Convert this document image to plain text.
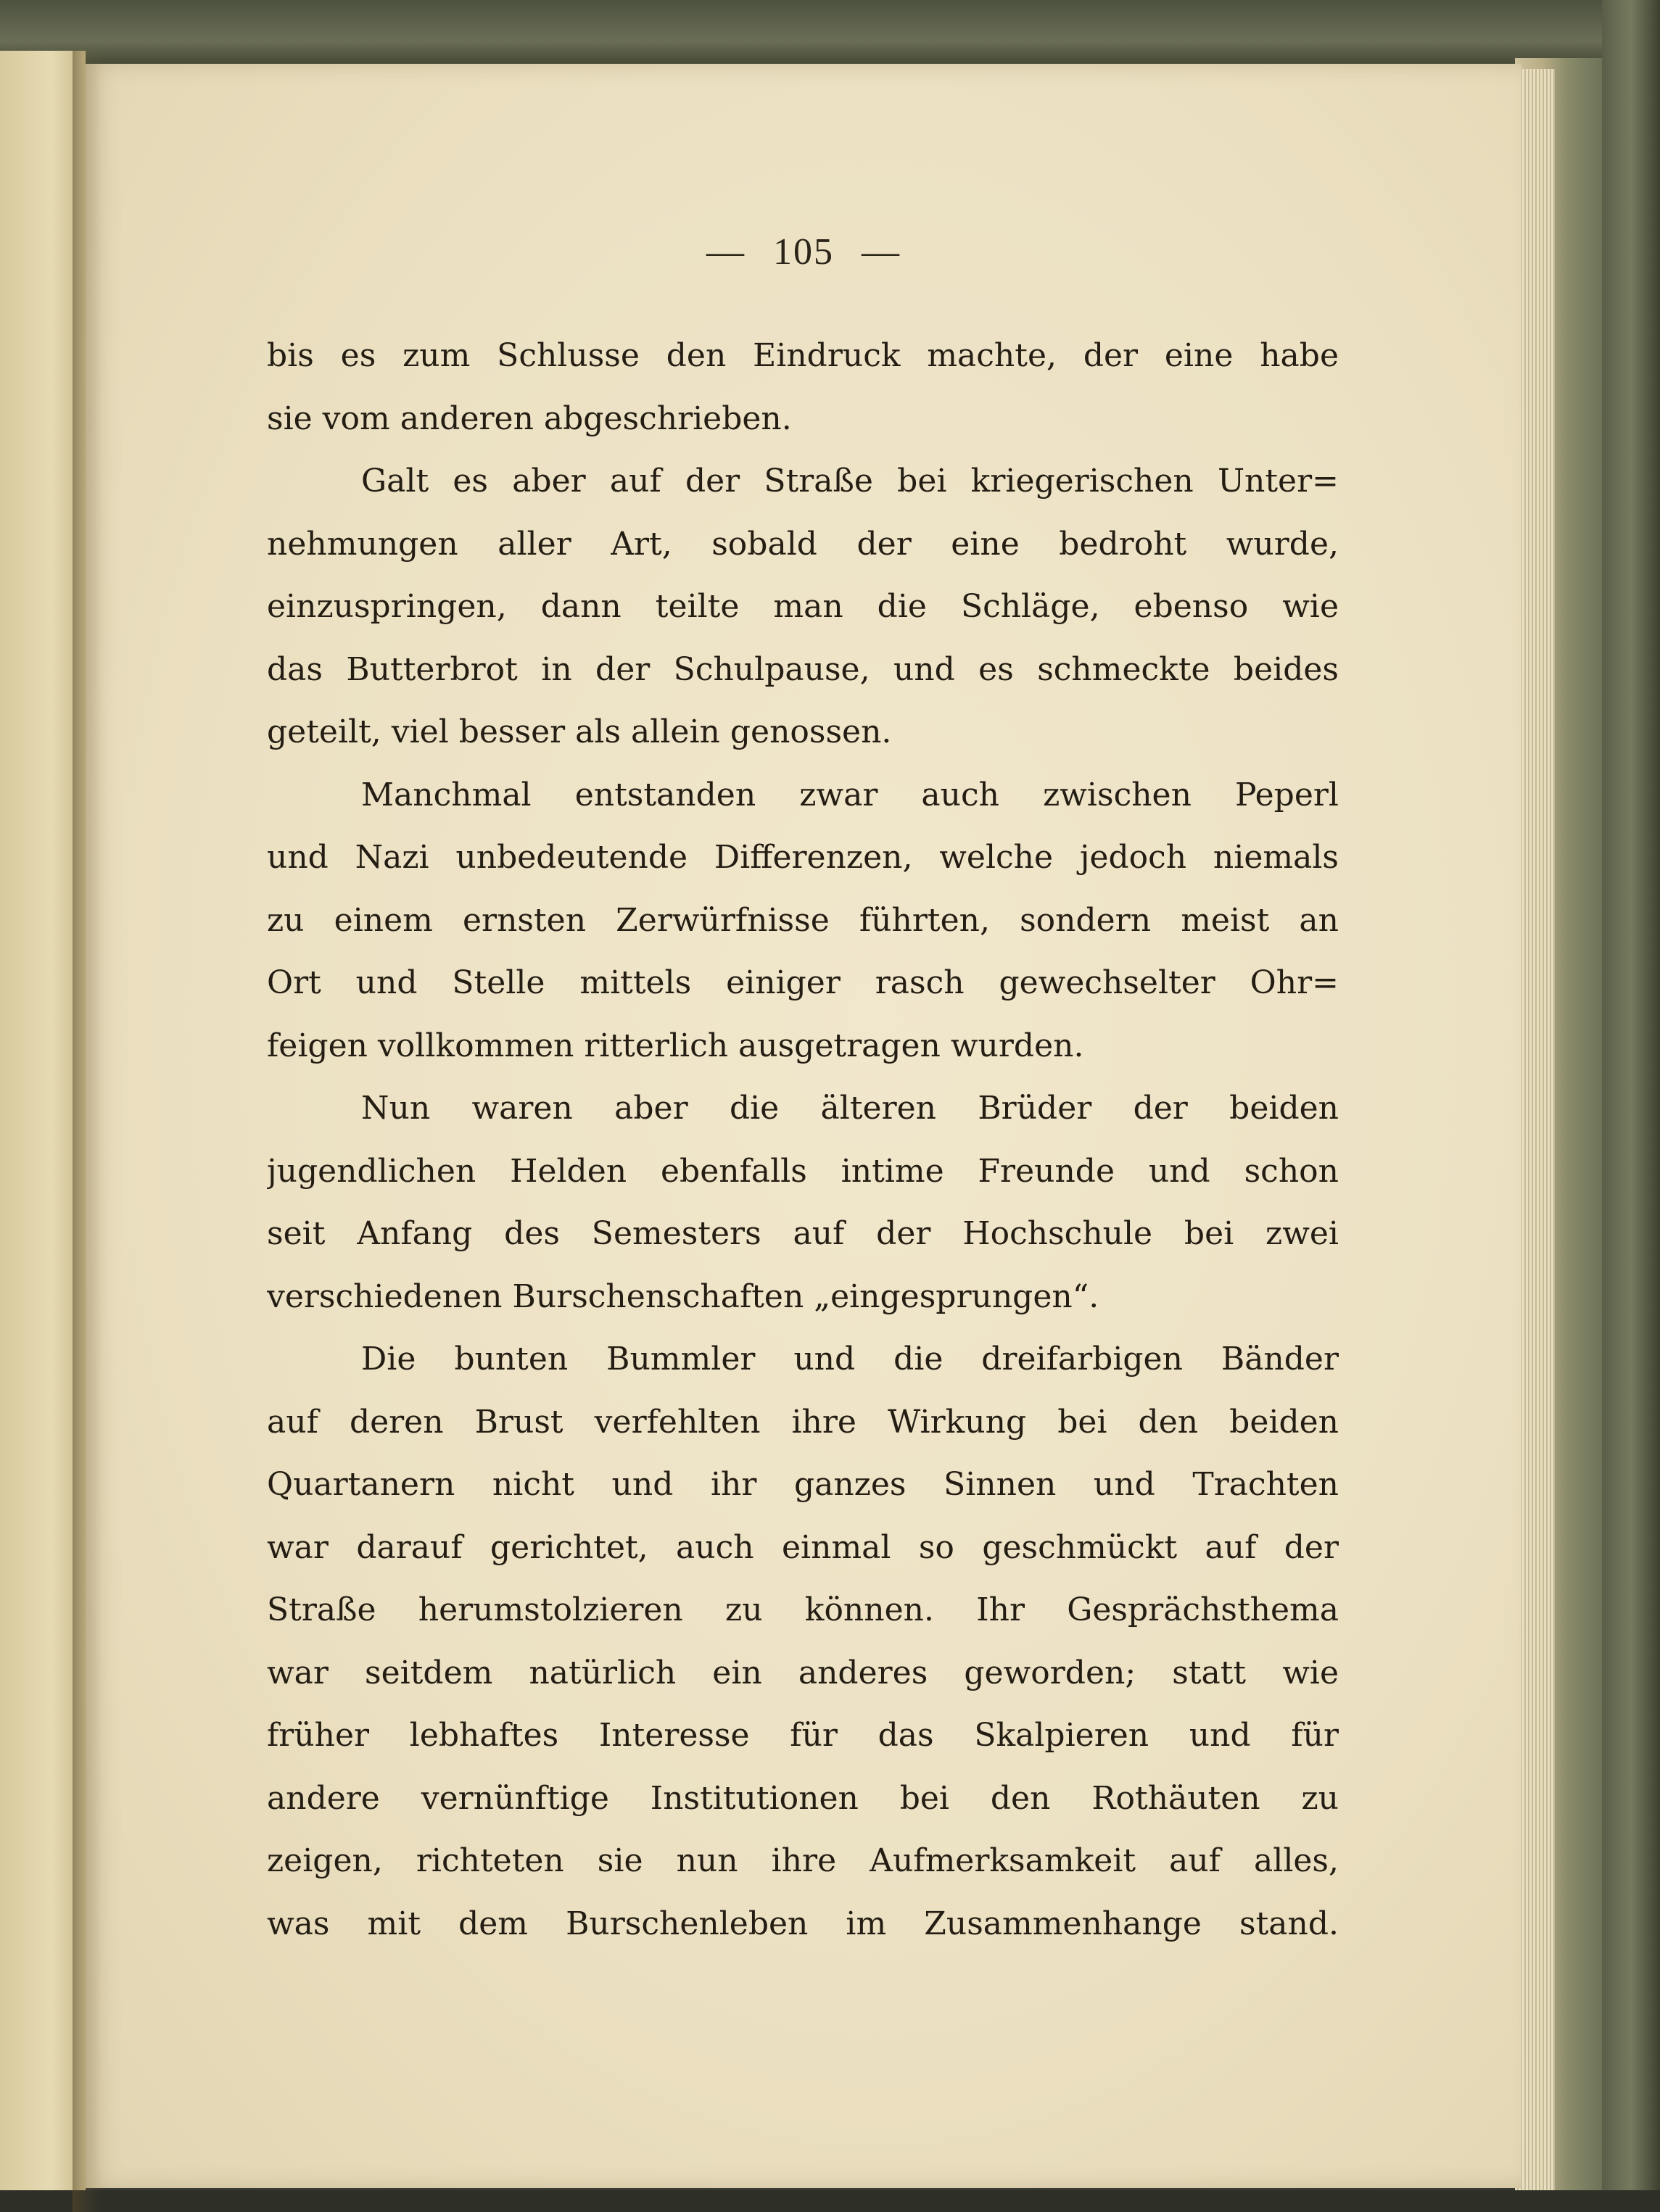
— 105 —
bis es zum Schlusse den Eindruck machte, der eine habe
sie vom anderen abgeschrieben.
Galt es aber auf der Straße bei kriegerischen Unter=
nehmungen aller Art, sobald der eine bedroht wurde,
einzuspringen, dann teilte man die Schläge, ebenso wie
das Butterbrot in der Schulpause, und es schmeckte beides
geteilt, viel besser als allein genossen.
Manchmal entstanden zwar auch zwischen Peperl
und Nazi unbedeutende Differenzen, welche jedoch niemals
zu einem ernsten Zerwürfnisse führten, sondern meist an
Ort und Stelle mittels einiger rasch gewechselter Ohr=
feigen vollkommen ritterlich ausgetragen wurden.
Nun waren aber die älteren Brüder der beiden
jugendlichen Helden ebenfalls intime Freunde und schon
seit Anfang des Semesters auf der Hochschule bei zwei
verschiedenen Burschenschaften „eingesprungen“.
Die bunten Bummler und die dreifarbigen Bänder
auf deren Brust verfehlten ihre Wirkung bei den beiden
Quartanern nicht und ihr ganzes Sinnen und Trachten
war darauf gerichtet, auch einmal so geschmückt auf der
Straße herumstolzieren zu können. Ihr Gesprächsthema
war seitdem natürlich ein anderes geworden; statt wie
früher lebhaftes Interesse für das Skalpieren und für
andere vernünftige Institutionen bei den Rothäuten zu
zeigen, richteten sie nun ihre Aufmerksamkeit auf alles,
was mit dem Burschenleben im Zusammenhange stand.
